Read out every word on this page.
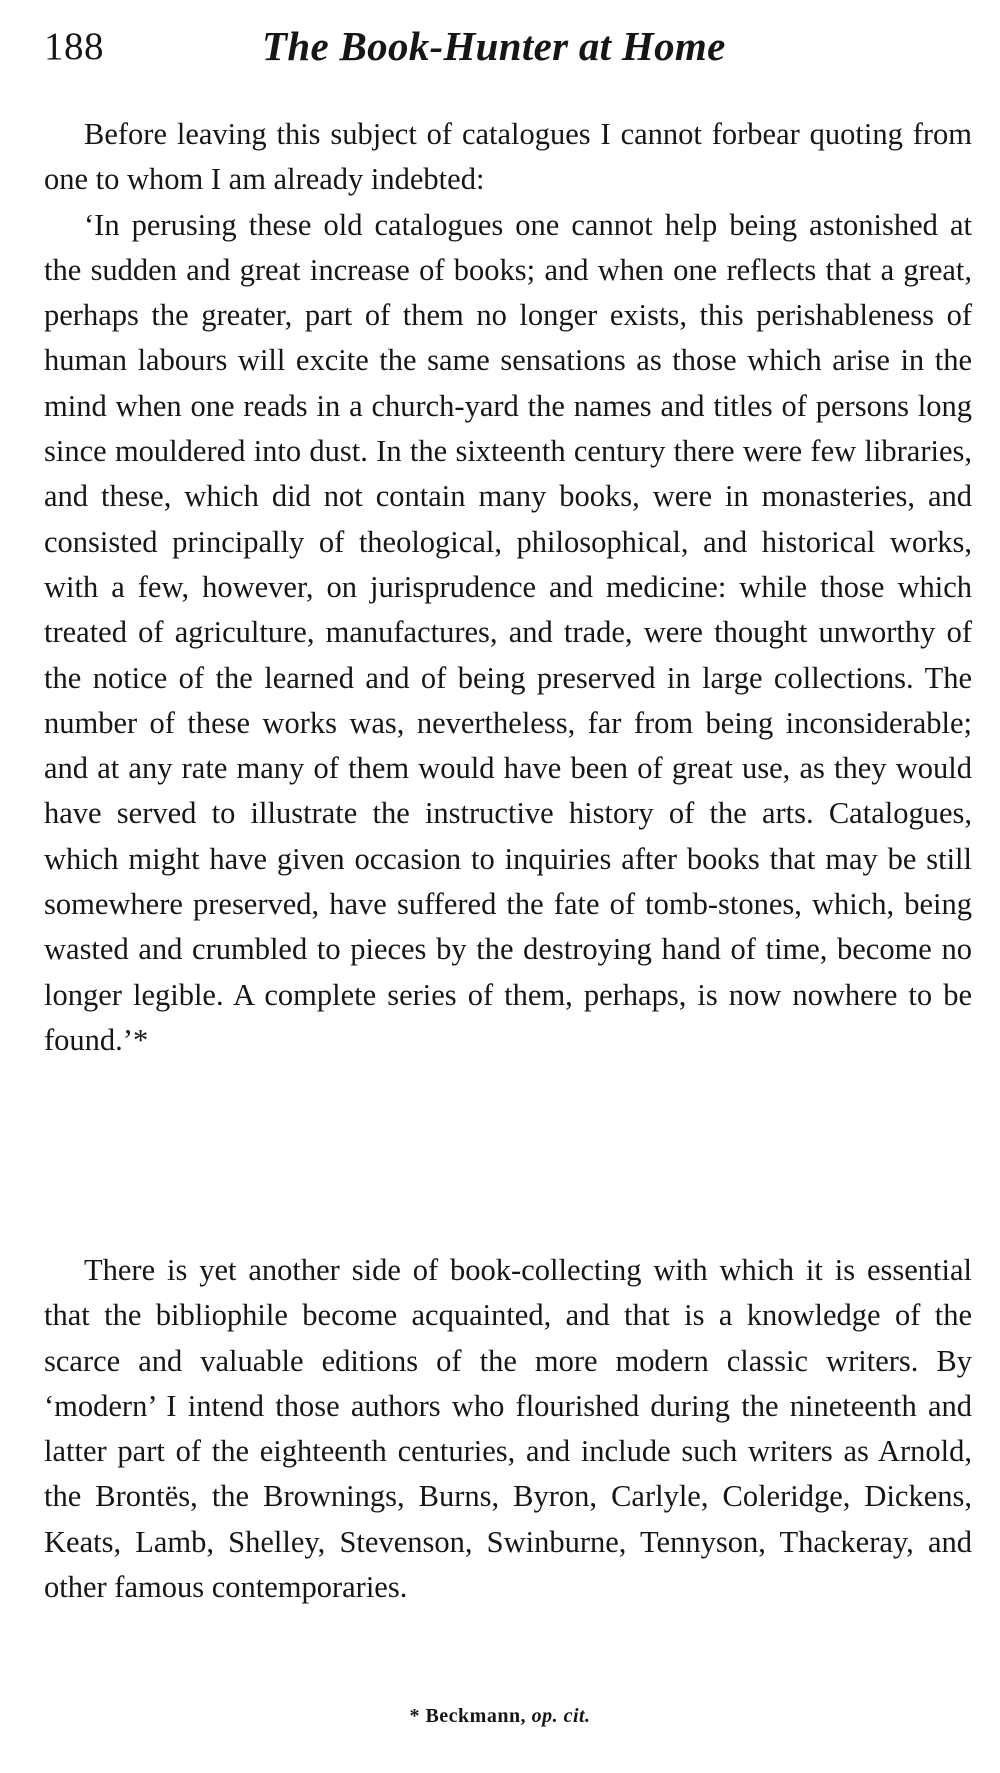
188	The Book-Hunter at Home

Before leaving this subject of catalogues I cannot forbear quoting from one to whom I am already indebted:

‘In perusing these old catalogues one cannot help being astonished at the sudden and great increase of books; and when one reflects that a great, perhaps the greater, part of them no longer exists, this perishableness of human labours will excite the same sensations as those which arise in the mind when one reads in a church-yard the names and titles of persons long since mouldered into dust. In the sixteenth century there were few libraries, and these, which did not contain many books, were in monasteries, and consisted principally of theological, philosophical, and historical works, with a few, however, on jurisprudence and medicine: while those which treated of agriculture, manufactures, and trade, were thought unworthy of the notice of the learned and of being preserved in large collections. The number of these works was, nevertheless, far from being inconsiderable; and at any rate many of them would have been of great use, as they would have served to illustrate the instructive history of the arts. Catalogues, which might have given occasion to inquiries after books that may be still somewhere preserved, have suffered the fate of tomb-stones, which, being wasted and crumbled to pieces by the destroying hand of time, become no longer legible. A complete series of them, perhaps, is now nowhere to be found.’*

There is yet another side of book-collecting with which it is essential that the bibliophile become acquainted, and that is a knowledge of the scarce and valuable editions of the more modern classic writers. By ‘modern’ I intend those authors who flourished during the nineteenth and latter part of the eighteenth centuries, and include such writers as Arnold, the Brontës, the Brownings, Burns, Byron, Carlyle, Coleridge, Dickens, Keats, Lamb, Shelley, Stevenson, Swinburne, Tennyson, Thackeray, and other famous contemporaries.

* Beckmann, op. cit.
